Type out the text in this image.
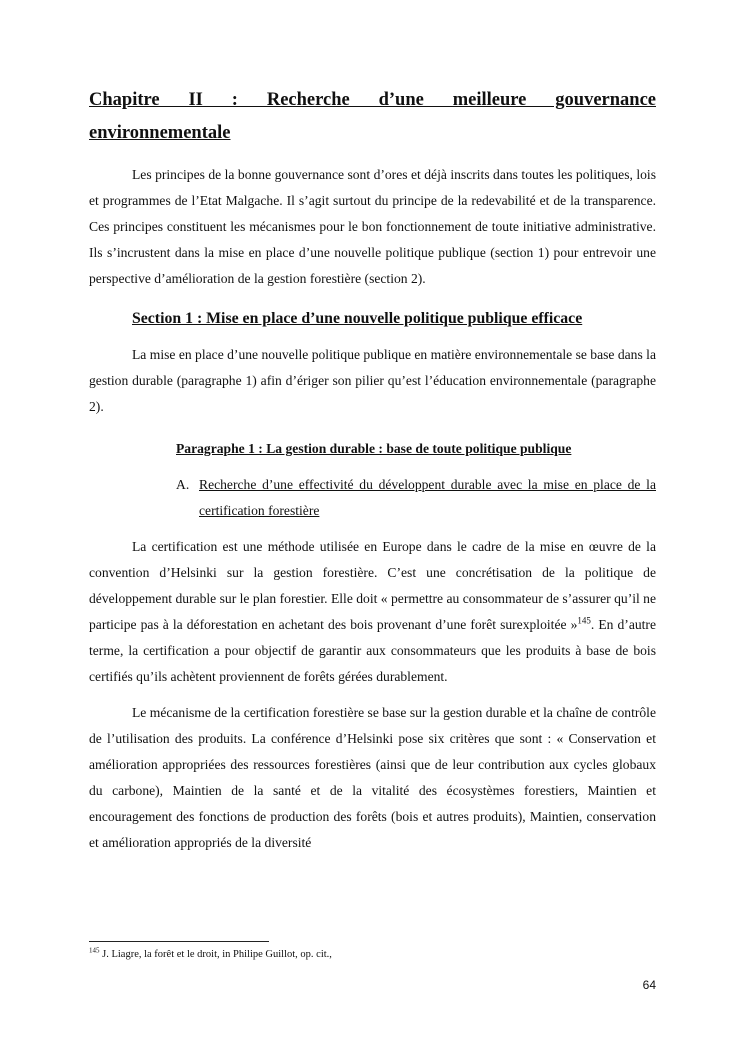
Chapitre II : Recherche d’une meilleure gouvernance
environnementale

Les principes de la bonne gouvernance sont d’ores et déjà inscrits dans toutes les politiques, lois et programmes de l’Etat Malgache. Il s’agit surtout du principe de la redevabilité et de la transparence. Ces principes constituent les mécanismes pour le bon fonctionnement de toute initiative administrative. Ils s’incrustent dans la mise en place d’une nouvelle politique publique (section 1) pour entrevoir une perspective d’amélioration de la gestion forestière (section 2).

Section 1 : Mise en place d’une nouvelle politique publique efficace

La mise en place d’une nouvelle politique publique en matière environnementale se base dans la gestion durable (paragraphe 1) afin d’ériger son pilier qu’est l’éducation environnementale (paragraphe 2).

Paragraphe 1 : La gestion durable : base de toute politique publique
A. Recherche d’une effectivité du développent durable avec la mise en place de la certification forestière

La certification est une méthode utilisée en Europe dans le cadre de la mise en œuvre de la convention d’Helsinki sur la gestion forestière. C’est une concrétisation de la politique de développement durable sur le plan forestier. Elle doit « permettre au consommateur de s’assurer qu’il ne participe pas à la déforestation en achetant des bois provenant d’une forêt surexploitée »$^{145}$. En d’autre terme, la certification a pour objectif de garantir aux consommateurs que les produits à base de bois certifiés qu’ils achètent proviennent de forêts gérées durablement.

Le mécanisme de la certification forestière se base sur la gestion durable et la chaîne de contrôle de l’utilisation des produits. La conférence d’Helsinki pose six critères que sont : « Conservation et amélioration appropriées des ressources forestières (ainsi que de leur contribution aux cycles globaux du carbone), Maintien de la santé et de la vitalité des écosystèmes forestiers, Maintien et encouragement des fonctions de production des forêts (bois et autres produits), Maintien, conservation et amélioration appropriés de la diversité

$^{145}$ J. Liagre, la forêt et le droit, in Philipe Guillot, op. cit.,
64
